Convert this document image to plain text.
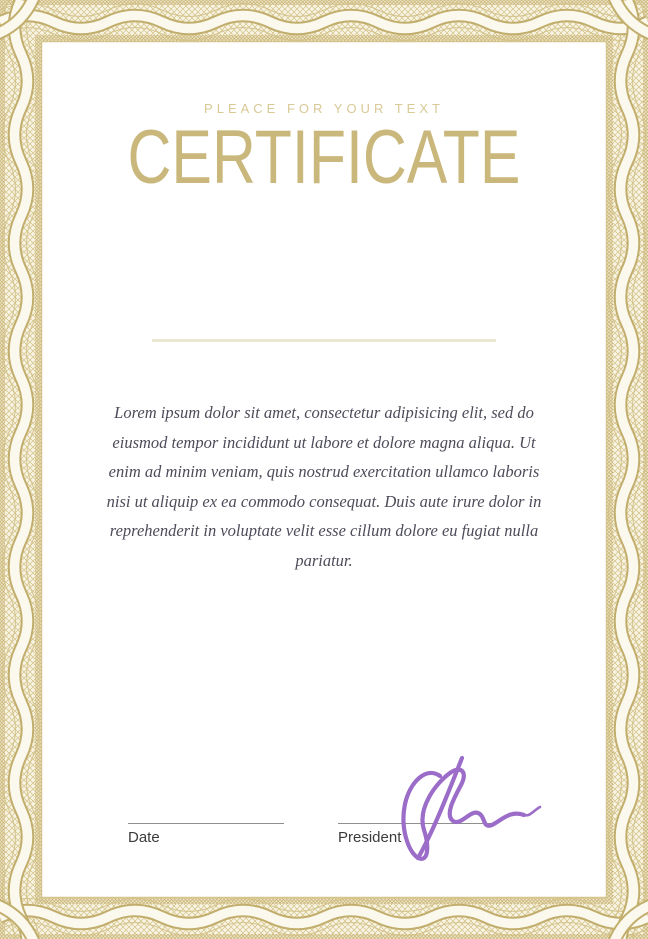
PLEACE FOR YOUR TEXT
CERTIFICATE

Lorem ipsum dolor sit amet, consectetur adipisicing elit, sed do eiusmod tempor incididunt ut labore et dolore magna aliqua. Ut enim ad minim veniam, quis nostrud exercitation ullamco laboris nisi ut aliquip ex ea commodo consequat. Duis aute irure dolor in reprehenderit in voluptate velit esse cillum dolore eu fugiat nulla pariatur.

Date	President
